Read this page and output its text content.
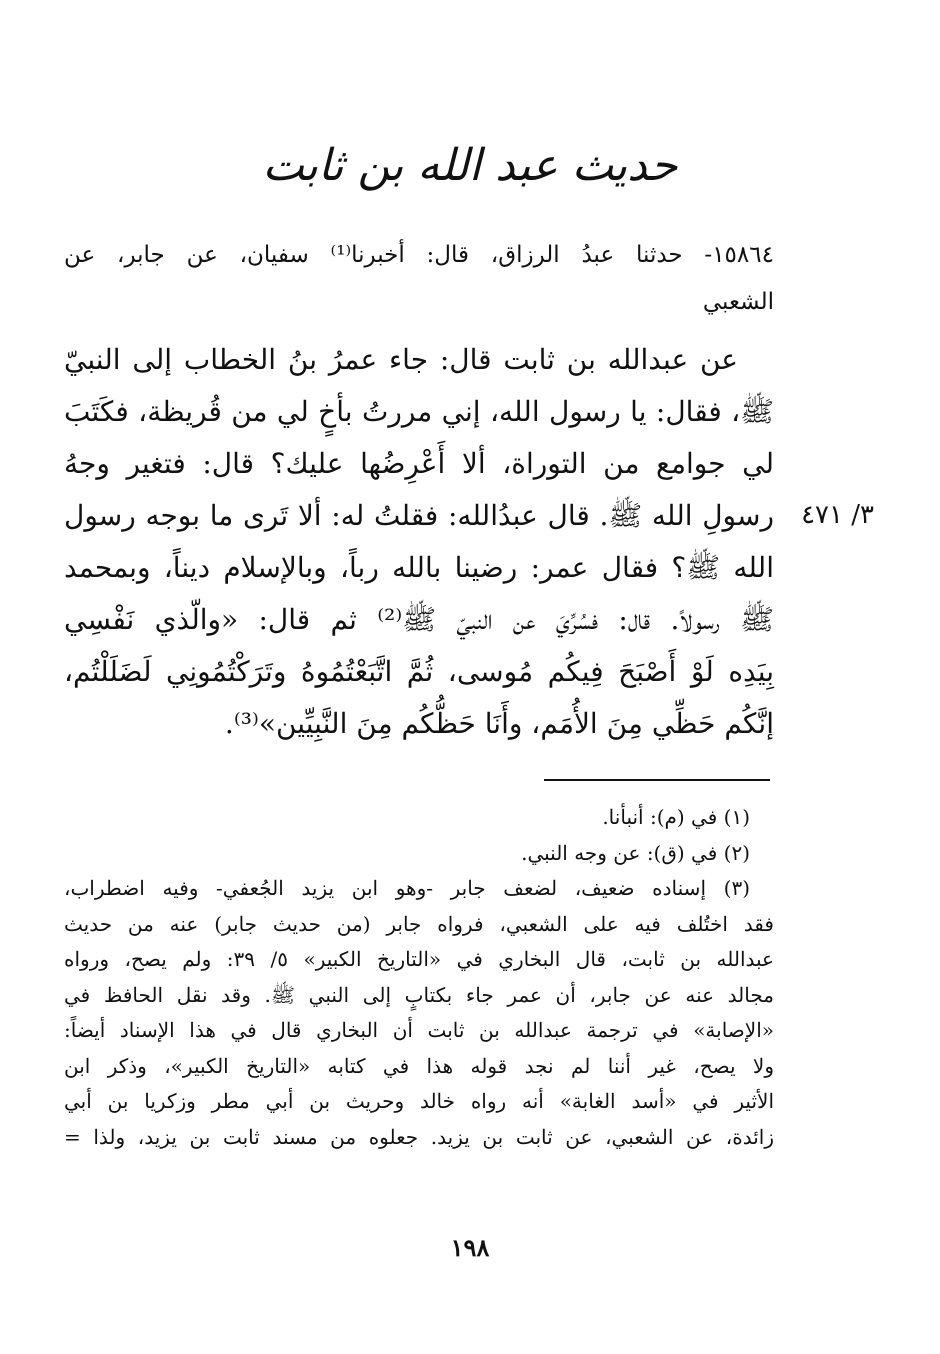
حديث عبد الله بن ثابت
١٥٨٦٤- حدثنا عبدُ الرزاق، قال: أخبرنا⁽¹⁾ سفيان، عن جابر، عن
الشعبي
عن عبدالله بن ثابت قال: جاء عمرُ بنُ الخطاب إلى النبيّ
ﷺ، فقال: يا رسول الله، إني مررتُ بأخٍ لي من قُريظة، فكَتَبَ
لي جوامع من التوراة، ألا أَعْرِضُها عليك؟ قال: فتغير وجهُ
رسولِ الله ﷺ. قال عبدُالله: فقلتُ له: ألا تَرى ما بوجه رسول
الله ﷺ؟ فقال عمر: رضينا بالله رباً، وبالإسلام ديناً، وبمحمد
ﷺ رسولاً. قال: فسُرِّيَ عن النبيّ ﷺ⁽²⁾ ثم قال: «والّذي نَفْسِي
بِيَدِه لَوْ أَصْبَحَ فِيكُم مُوسى، ثُمَّ اتَّبَعْتُمُوهُ وتَرَكْتُمُونِي لَضَلَلْتُم،
إنَّكُم حَظِّي مِنَ الأُمَم، وأَنَا حَظُّكُم مِنَ النَّبِيِّين»⁽³⁾.
٣/ ٤٧١
(١) في (م): أنبأنا.
(٢) في (ق): عن وجه النبي.
(٣) إسناده ضعيف، لضعف جابر -وهو ابن يزيد الجُعفي- وفيه اضطراب،
فقد اختُلف فيه على الشعبي، فرواه جابر (من حديث جابر) عنه من حديث
عبدالله بن ثابت، قال البخاري في «التاريخ الكبير» ٥/ ٣٩: ولم يصح، ورواه
مجالد عنه عن جابر، أن عمر جاء بكتابٍ إلى النبي ﷺ. وقد نقل الحافظ في
«الإصابة» في ترجمة عبدالله بن ثابت أن البخاري قال في هذا الإسناد أيضاً:
ولا يصح، غير أننا لم نجد قوله هذا في كتابه «التاريخ الكبير»، وذكر ابن
الأثير في «أسد الغابة» أنه رواه خالد وحريث بن أبي مطر وزكريا بن أبي
زائدة، عن الشعبي، عن ثابت بن يزيد. جعلوه من مسند ثابت بن يزيد، ولذا =
١٩٨
